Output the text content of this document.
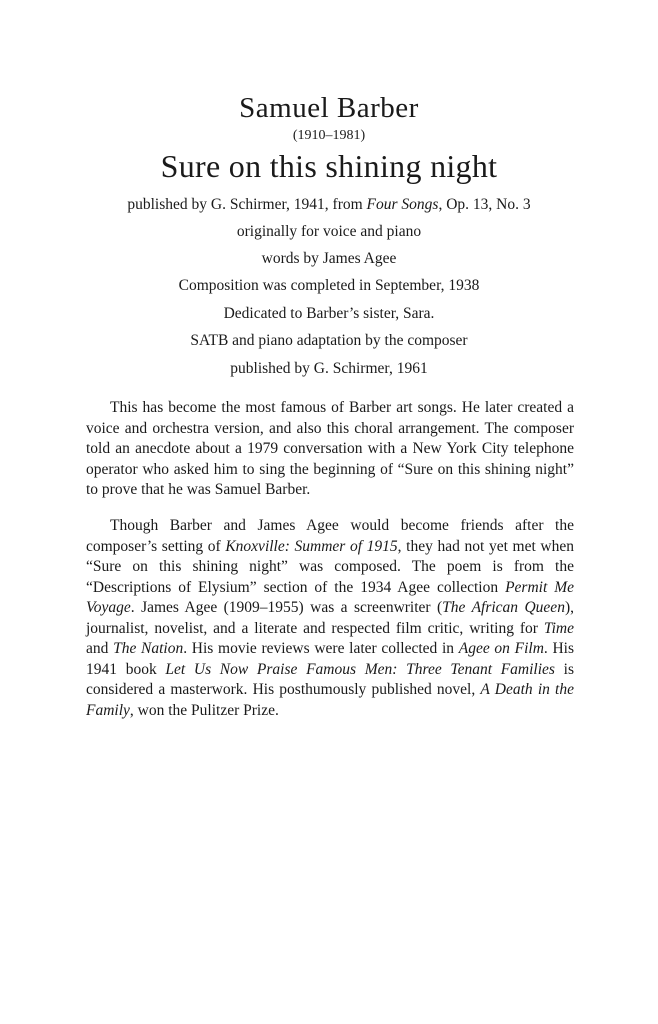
Samuel Barber
(1910–1981)
Sure on this shining night
published by G. Schirmer, 1941, from Four Songs, Op. 13, No. 3
originally for voice and piano
words by James Agee
Composition was completed in September, 1938
Dedicated to Barber’s sister, Sara.
SATB and piano adaptation by the composer
published by G. Schirmer, 1961

This has become the most famous of Barber art songs. He later created a voice and orchestra version, and also this choral arrangement. The composer told an anecdote about a 1979 conversation with a New York City telephone operator who asked him to sing the beginning of “Sure on this shining night” to prove that he was Samuel Barber.

Though Barber and James Agee would become friends after the composer’s setting of Knoxville: Summer of 1915, they had not yet met when “Sure on this shining night” was composed. The poem is from the “Descriptions of Elysium” section of the 1934 Agee collection Permit Me Voyage. James Agee (1909–1955) was a screenwriter (The African Queen), journalist, novelist, and a literate and respected film critic, writing for Time and The Nation. His movie reviews were later collected in Agee on Film. His 1941 book Let Us Now Praise Famous Men: Three Tenant Families is considered a masterwork. His posthumously published novel, A Death in the Family, won the Pulitzer Prize.
